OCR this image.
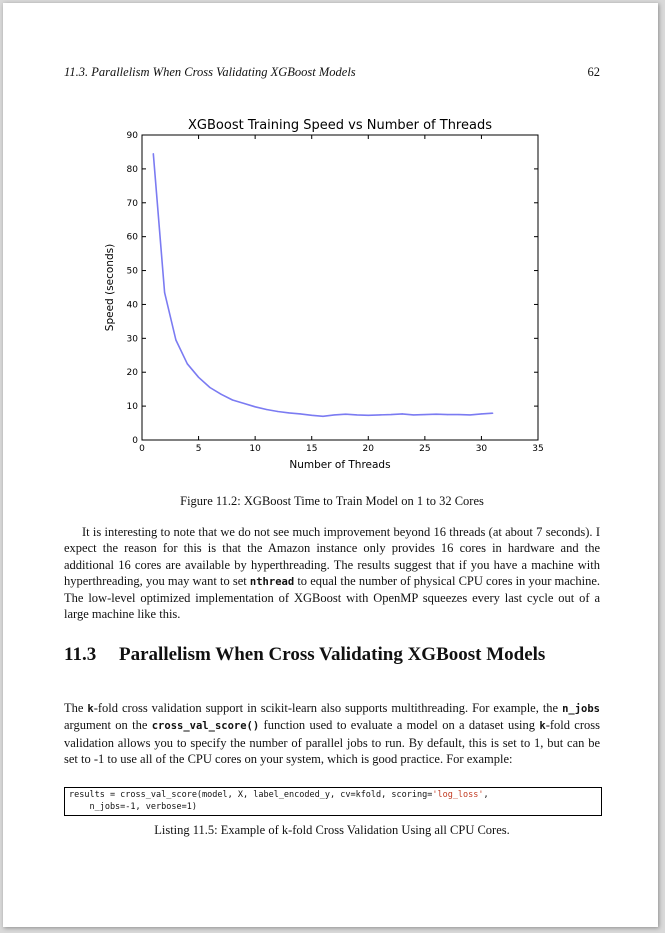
11.3. Parallelism When Cross Validating XGBoost Models	62
XGBoost Training Speed vs Number of Threads
0	5	10	15	20	25	30	35
0
10
20
30
40
50
60
70
80
90
Number of Threads
Speed (seconds)
Figure 11.2: XGBoost Time to Train Model on 1 to 32 Cores
It is interesting to note that we do not see much improvement beyond 16 threads (at about 7 seconds). I expect the reason for this is that the Amazon instance only provides 16 cores in hardware and the additional 16 cores are available by hyperthreading. The results suggest that if you have a machine with hyperthreading, you may want to set nthread to equal the number of physical CPU cores in your machine. The low-level optimized implementation of XGBoost with OpenMP squeezes every last cycle out of a large machine like this.
11.3 Parallelism When Cross Validating XGBoost Models
The k-fold cross validation support in scikit-learn also supports multithreading. For example, the n_jobs argument on the cross_val_score() function used to evaluate a model on a dataset using k-fold cross validation allows you to specify the number of parallel jobs to run. By default, this is set to 1, but can be set to -1 to use all of the CPU cores on your system, which is good practice. For example:
results = cross_val_score(model, X, label_encoded_y, cv=kfold, scoring='log_loss',
n_jobs=-1, verbose=1)
Listing 11.5: Example of k-fold Cross Validation Using all CPU Cores.
